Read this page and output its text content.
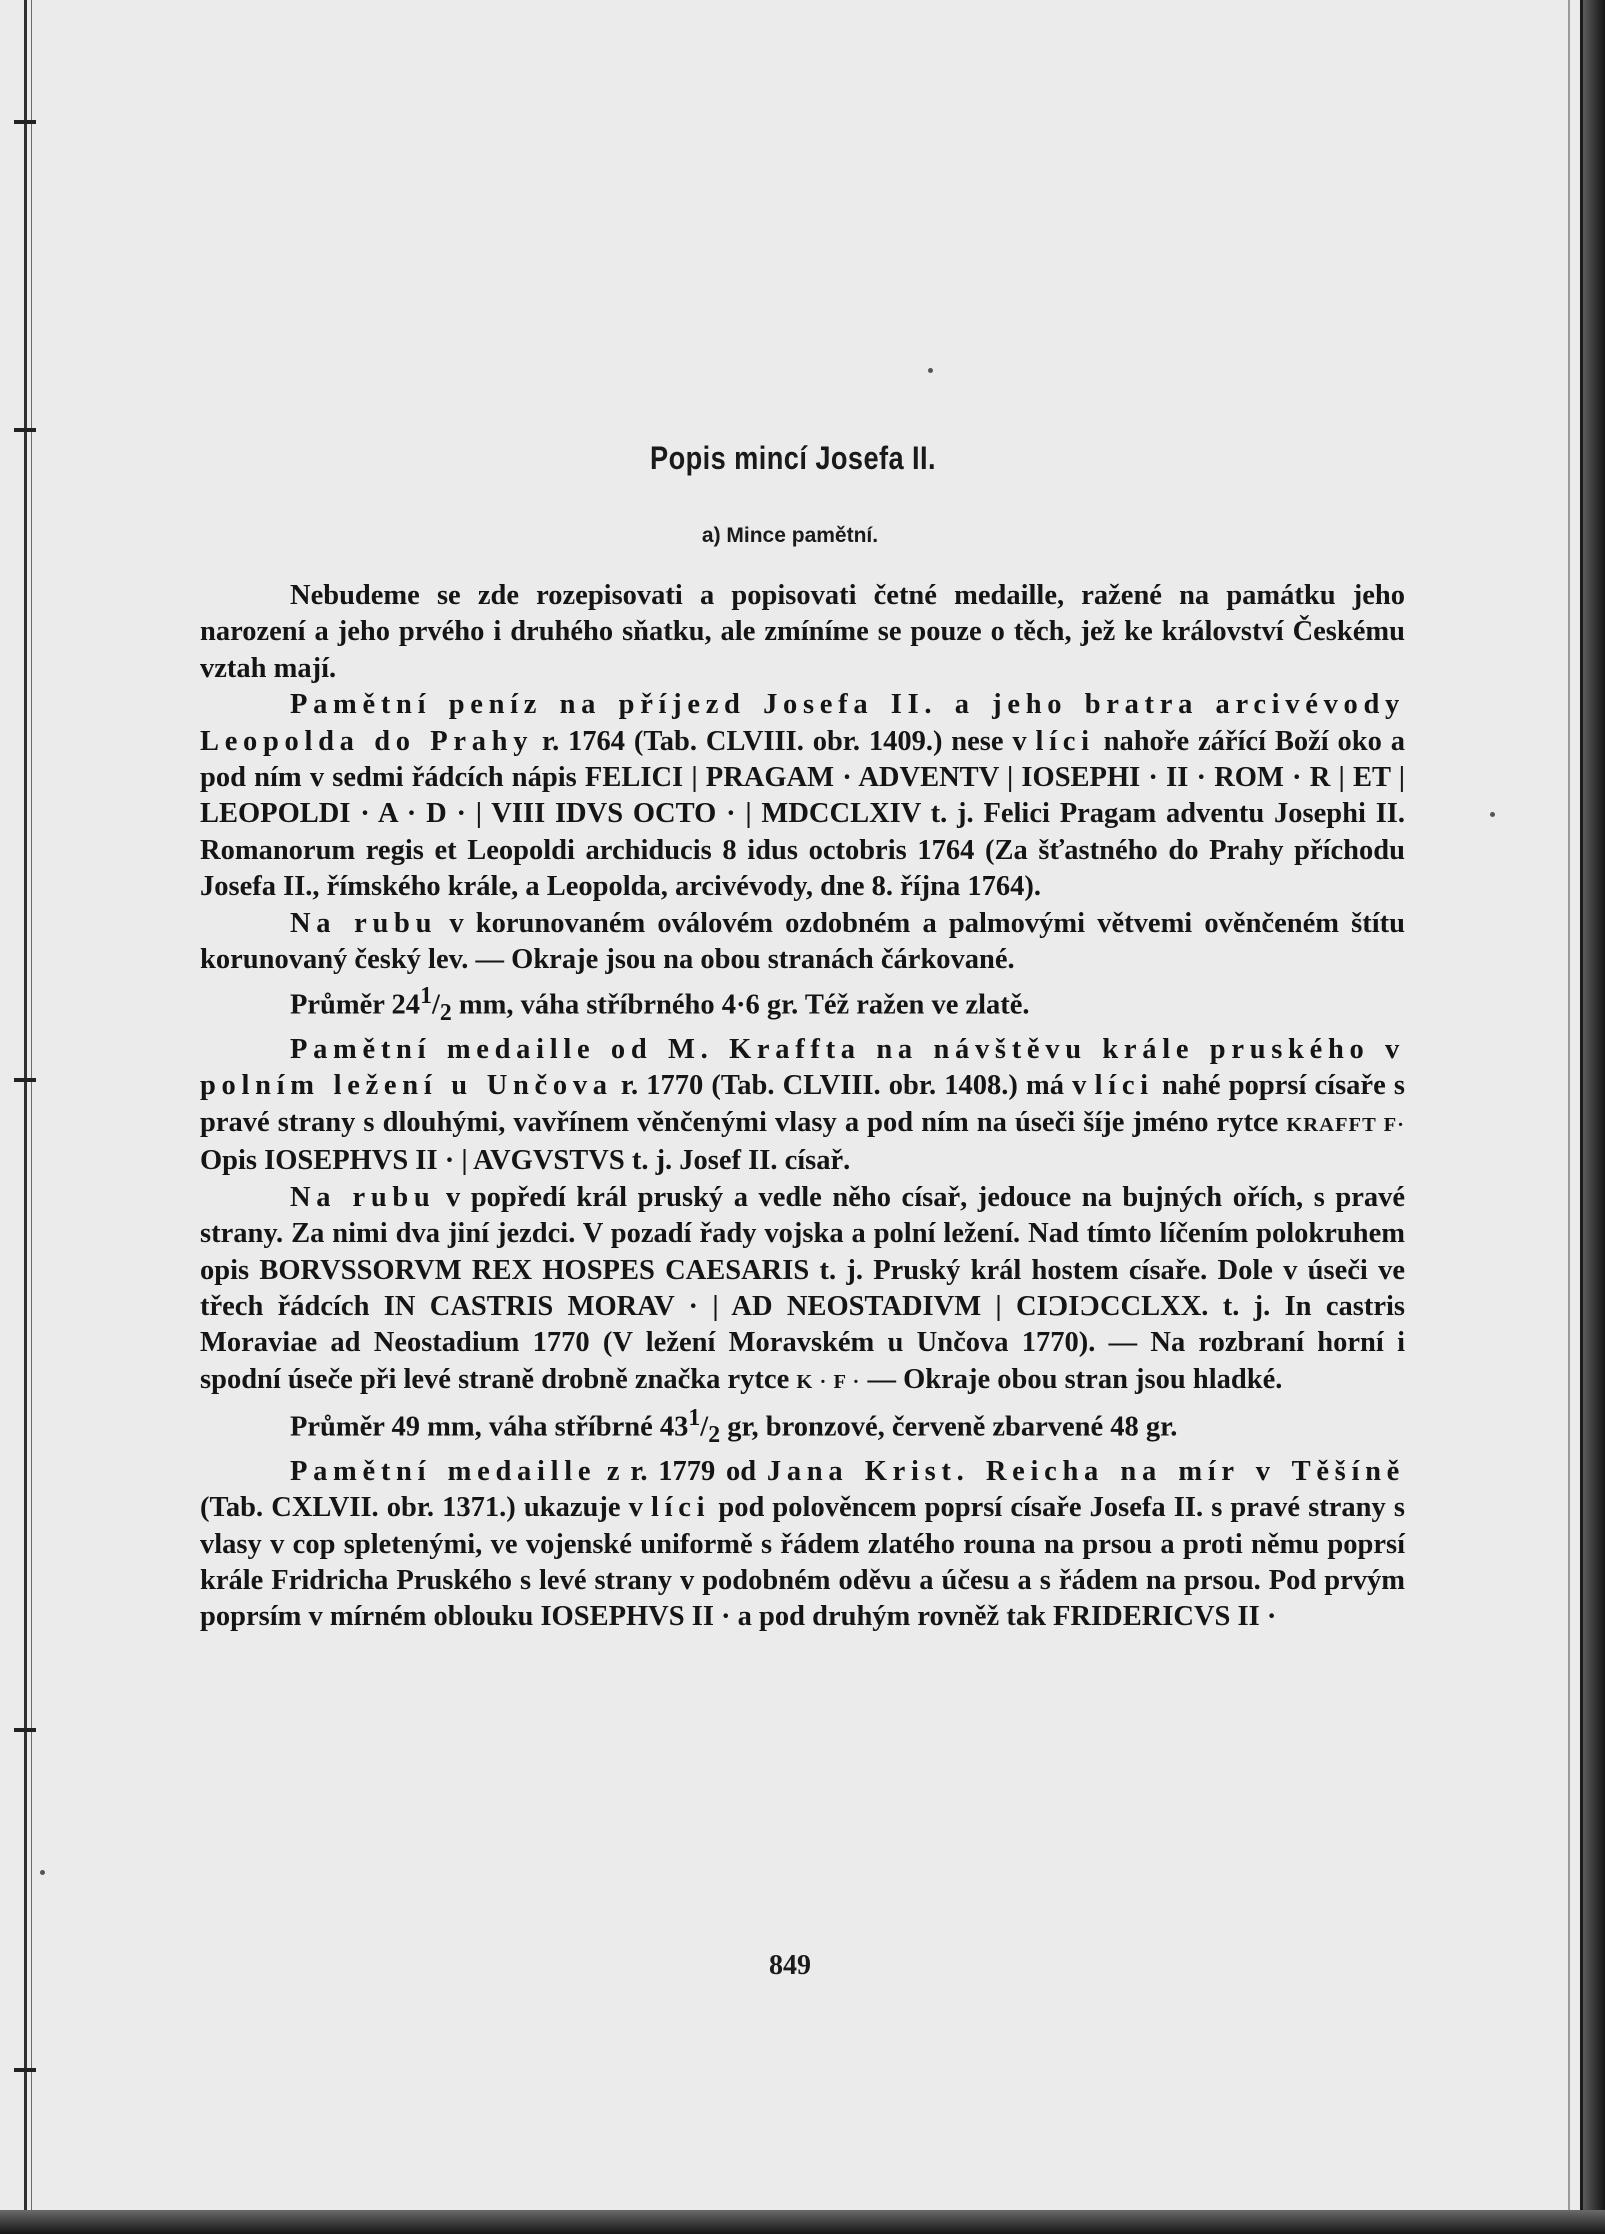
Popis mincí Josefa II.
a) Mince pamětní.

Nebudeme se zde rozepisovati a popisovati četné medaille, ražené na památku jeho narození a jeho prvého i druhého sňatku, ale zmíníme se pouze o těch, jež ke království Českému vztah mají.

Pamětní peníz na příjezd Josefa II. a jeho bratra arcivévody Leopolda do Prahy r. 1764 (Tab. CLVIII. obr. 1409.) nese v líci nahoře zářící Boží oko a pod ním v sedmi řádcích nápis FELICI | PRAGAM · ADVENTV | IOSEPHI · II · ROM · R | ET | LEOPOLDI · A · D · | VIII IDVS OCTO · | MDCCLXIV t. j. Felici Pragam adventu Josephi II. Romanorum regis et Leopoldi archiducis 8 idus octobris 1764 (Za šťastného do Prahy příchodu Josefa II., římského krále, a Leopolda, arcivévody, dne 8. října 1764).

Na rubu v korunovaném oválovém ozdobném a palmovými větvemi ověnčeném štítu korunovaný český lev. — Okraje jsou na obou stranách čárkované.

Průměr $24^1/_2$ mm, váha stříbrného 4·6 gr. Též ražen ve zlatě.

Pamětní medaille od M. Kraffta na návštěvu krále pruského v polním ležení u Unčova r. 1770 (Tab. CLVIII. obr. 1408.) má v líci nahé poprsí císaře s pravé strany s dlouhými, vavřínem věnčenými vlasy a pod ním na úseči šíje jméno rytce KRAFFT F· Opis IOSEPHVS II · | AVGVSTVS t. j. Josef II. císař.

Na rubu v popředí král pruský a vedle něho císař, jedouce na bujných ořích, s pravé strany. Za nimi dva jiní jezdci. V pozadí řady vojska a polní ležení. Nad tímto líčením polokruhem opis BORVSSORVM REX HOSPES CAESARIS t. j. Pruský král hostem císaře. Dole v úseči ve třech řádcích IN CASTRIS MORAV · | AD NEOSTADIVM | CIϽIϽCCLXX. t. j. In castris Moraviae ad Neostadium 1770 (V ležení Moravském u Unčova 1770). — Na rozbraní horní i spodní úseče při levé straně drobně značka rytce K · F · — Okraje obou stran jsou hladké.

Průměr 49 mm, váha stříbrné $43^1/_2$ gr, bronzové, červeně zbarvené 48 gr.

Pamětní medaille z r. 1779 od Jana Krist. Reicha na mír v Těšíně (Tab. CXLVII. obr. 1371.) ukazuje v líci pod polověncem poprsí císaře Josefa II. s pravé strany s vlasy v cop spletenými, ve vojenské uniformě s řádem zlatého rouna na prsou a proti němu poprsí krále Fridricha Pruského s levé strany v podobném oděvu a účesu a s řádem na prsou. Pod prvým poprsím v mírném oblouku IOSEPHVS II · a pod druhým rovněž tak FRIDERICVS II ·

849
